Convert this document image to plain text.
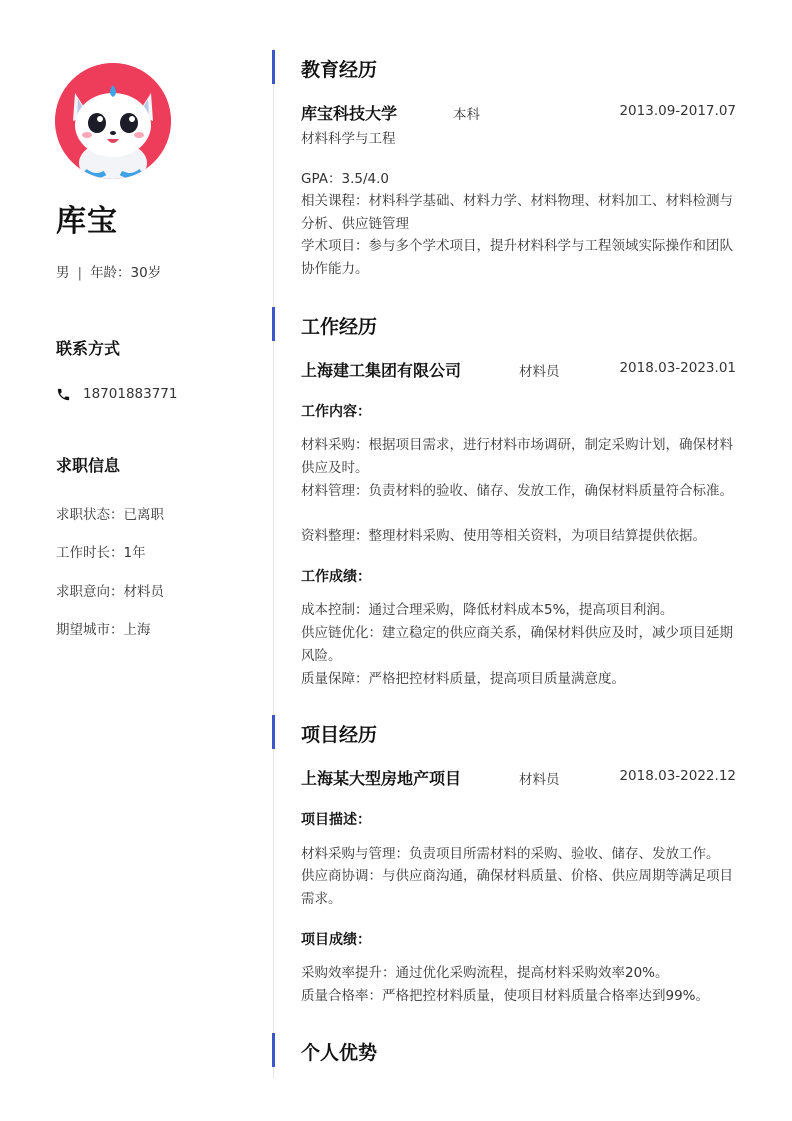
库宝
男 | 年龄：30岁
联系方式
18701883771
求职信息
求职状态：已离职
工作时长：1年
求职意向：材料员
期望城市：上海
教育经历
库宝科技大学	本科	2013.09-2017.07
材料科学与工程
GPA：3.5/4.0
相关课程：材料科学基础、材料力学、材料物理、材料加工、材料检测与分析、供应链管理
学术项目：参与多个学术项目，提升材料科学与工程领域实际操作和团队协作能力。
工作经历
上海建工集团有限公司	材料员	2018.03-2023.01
工作内容：
材料采购：根据项目需求，进行材料市场调研，制定采购计划，确保材料供应及时。
材料管理：负责材料的验收、储存、发放工作，确保材料质量符合标准。
资料整理：整理材料采购、使用等相关资料，为项目结算提供依据。
工作成绩：
成本控制：通过合理采购，降低材料成本5%，提高项目利润。
供应链优化：建立稳定的供应商关系，确保材料供应及时，减少项目延期风险。
质量保障：严格把控材料质量，提高项目质量满意度。
项目经历
上海某大型房地产项目	材料员	2018.03-2022.12
项目描述：
材料采购与管理：负责项目所需材料的采购、验收、储存、发放工作。
供应商协调：与供应商沟通，确保材料质量、价格、供应周期等满足项目需求。
项目成绩：
采购效率提升：通过优化采购流程，提高材料采购效率20%。
质量合格率：严格把控材料质量，使项目材料质量合格率达到99%。
个人优势
